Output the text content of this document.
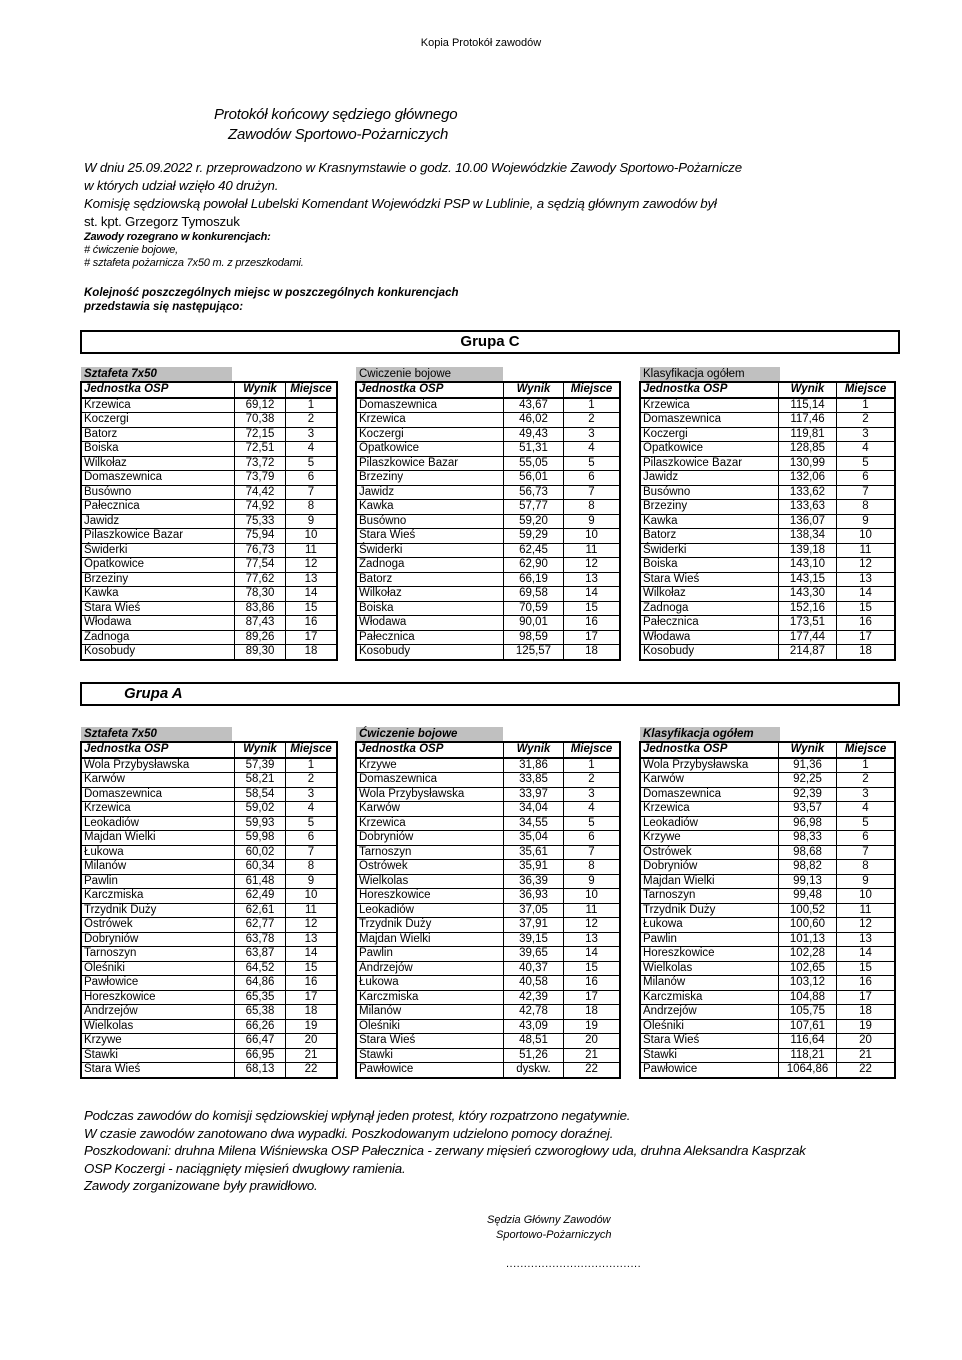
Kopia Protokół zawodów
Protokół końcowy sędziego głównego
Zawodów Sportowo-Pożarniczych
W dniu 25.09.2022 r. przeprowadzono w Krasnymstawie o godz. 10.00 Wojewódzkie Zawody Sportowo-Pożarnicze
w których udział wzięło 40 drużyn.
Komisję sędziowską powołał Lubelski Komendant Wojewódzki PSP w Lublinie, a sędzią głównym zawodów był
st. kpt. Grzegorz Tymoszuk
Zawody rozegrano w konkurencjach:
# ćwiczenie bojowe,
# sztafeta pożarnicza 7x50 m. z przeszkodami.
Kolejność poszczególnych miejsc w poszczególnych konkurencjach
przedstawia się następująco:
Grupa C
Sztafeta 7x50
Jednostka OSP	Wynik	Miejsce
Krzewica	69,12	1
Koczergi	70,38	2
Batorz	72,15	3
Boiska	72,51	4
Wilkołaz	73,72	5
Domaszewnica	73,79	6
Busówno	74,42	7
Pałecznica	74,92	8
Jawidz	75,33	9
Pilaszkowice Bazar	75,94	10
Świderki	76,73	11
Opatkowice	77,54	12
Brzeziny	77,62	13
Kawka	78,30	14
Stara Wieś	83,86	15
Włodawa	87,43	16
Zadnoga	89,26	17
Kosobudy	89,30	18
Cwiczenie bojowe
Jednostka OSP	Wynik	Miejsce
Domaszewnica	43,67	1
Krzewica	46,02	2
Koczergi	49,43	3
Opatkowice	51,31	4
Pilaszkowice Bazar	55,05	5
Brzeziny	56,01	6
Jawidz	56,73	7
Kawka	57,77	8
Busówno	59,20	9
Stara Wieś	59,29	10
Świderki	62,45	11
Zadnoga	62,90	12
Batorz	66,19	13
Wilkołaz	69,58	14
Boiska	70,59	15
Włodawa	90,01	16
Pałecznica	98,59	17
Kosobudy	125,57	18
Klasyfikacja ogółem
Jednostka OSP	Wynik	Miejsce
Krzewica	115,14	1
Domaszewnica	117,46	2
Koczergi	119,81	3
Opatkowice	128,85	4
Pilaszkowice Bazar	130,99	5
Jawidz	132,06	6
Busówno	133,62	7
Brzeziny	133,63	8
Kawka	136,07	9
Batorz	138,34	10
Świderki	139,18	11
Boiska	143,10	12
Stara Wieś	143,15	13
Wilkołaz	143,30	14
Zadnoga	152,16	15
Pałecznica	173,51	16
Włodawa	177,44	17
Kosobudy	214,87	18
Grupa A
Sztafeta 7x50
Jednostka OSP	Wynik	Miejsce
Wola Przybysławska	57,39	1
Karwów	58,21	2
Domaszewnica	58,54	3
Krzewica	59,02	4
Leokadiów	59,93	5
Majdan Wielki	59,98	6
Łukowa	60,02	7
Milanów	60,34	8
Pawlin	61,48	9
Karczmiska	62,49	10
Trzydnik Duży	62,61	11
Ostrówek	62,77	12
Dobryniów	63,78	13
Tarnoszyn	63,87	14
Oleśniki	64,52	15
Pawłowice	64,86	16
Horeszkowice	65,35	17
Andrzejów	65,38	18
Wielkolas	66,26	19
Krzywe	66,47	20
Stawki	66,95	21
Stara Wieś	68,13	22
Ćwiczenie bojowe
Jednostka OSP	Wynik	Miejsce
Krzywe	31,86	1
Domaszewnica	33,85	2
Wola Przybysławska	33,97	3
Karwów	34,04	4
Krzewica	34,55	5
Dobryniów	35,04	6
Tarnoszyn	35,61	7
Ostrówek	35,91	8
Wielkolas	36,39	9
Horeszkowice	36,93	10
Leokadiów	37,05	11
Trzydnik Duży	37,91	12
Majdan Wielki	39,15	13
Pawlin	39,65	14
Andrzejów	40,37	15
Łukowa	40,58	16
Karczmiska	42,39	17
Milanów	42,78	18
Oleśniki	43,09	19
Stara Wieś	48,51	20
Stawki	51,26	21
Pawłowice	dyskw.	22
Klasyfikacja ogółem
Jednostka OSP	Wynik	Miejsce
Wola Przybysławska	91,36	1
Karwów	92,25	2
Domaszewnica	92,39	3
Krzewica	93,57	4
Leokadiów	96,98	5
Krzywe	98,33	6
Ostrówek	98,68	7
Dobryniów	98,82	8
Majdan Wielki	99,13	9
Tarnoszyn	99,48	10
Trzydnik Duży	100,52	11
Łukowa	100,60	12
Pawlin	101,13	13
Horeszkowice	102,28	14
Wielkolas	102,65	15
Milanów	103,12	16
Karczmiska	104,88	17
Andrzejów	105,75	18
Oleśniki	107,61	19
Stara Wieś	116,64	20
Stawki	118,21	21
Pawłowice	1064,86	22
Podczas zawodów do komisji sędziowskiej wpłynął jeden protest, który rozpatrzono negatywnie.
W czasie zawodów zanotowano dwa wypadki. Poszkodowanym udzielono pomocy doraźnej.
Poszkodowani: druhna Milena Wiśniewska OSP Pałecznica - zerwany mięsień czworogłowy uda, druhna Aleksandra Kasprzak
OSP Koczergi - naciągnięty mięsień dwugłowy ramienia.
Zawody zorganizowane były prawidłowo.
Sędzia Główny Zawodów
Sportowo-Pożarniczych
......................................
